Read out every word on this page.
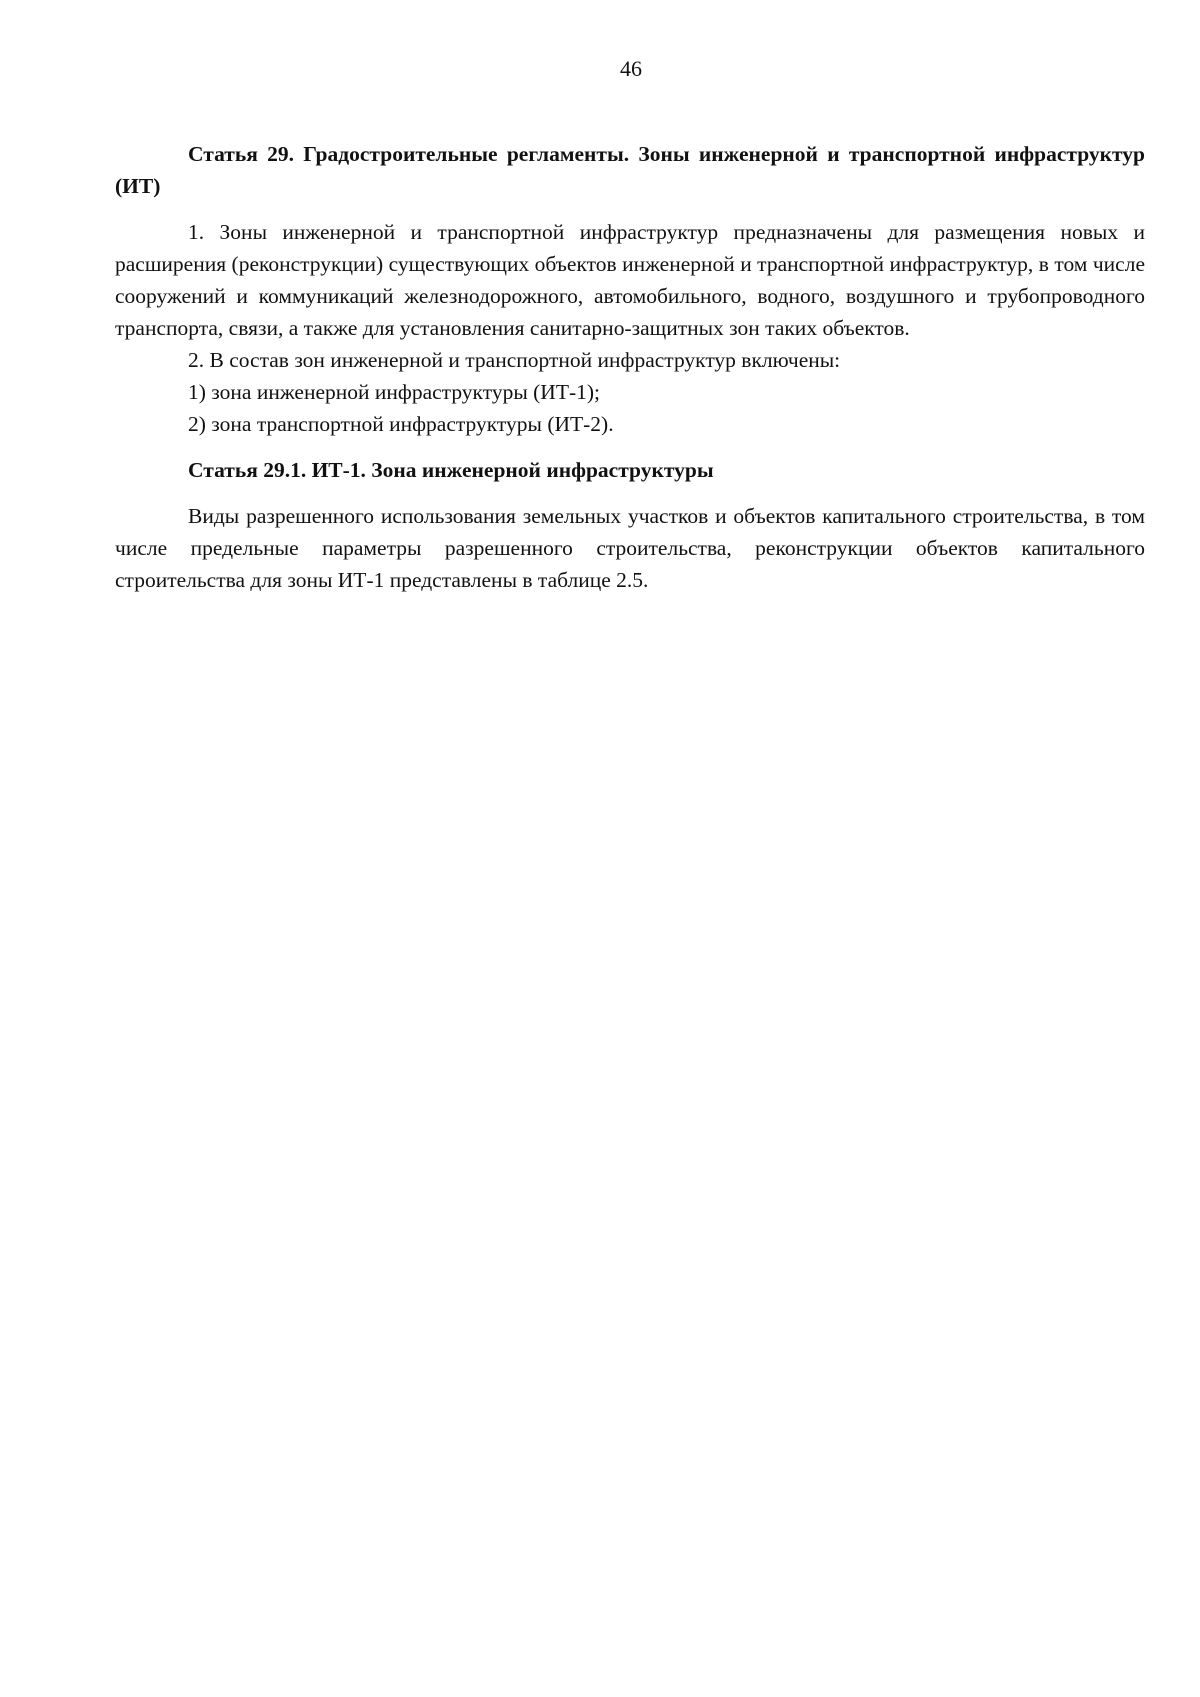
46

Статья 29. Градостроительные регламенты. Зоны инженерной и транспортной инфраструктур (ИТ)

1. Зоны инженерной и транспортной инфраструктур предназначены для размещения новых и расширения (реконструкции) существующих объектов инженерной и транспортной инфраструктур, в том числе сооружений и коммуникаций железнодорожного, автомобильного, водного, воздушного и трубопроводного транспорта, связи, а также для установления санитарно-защитных зон таких объектов.

2. В состав зон инженерной и транспортной инфраструктур включены:

1) зона инженерной инфраструктуры (ИТ-1);

2) зона транспортной инфраструктуры (ИТ-2).

Статья 29.1. ИТ-1. Зона инженерной инфраструктуры

Виды разрешенного использования земельных участков и объектов капитального строительства, в том числе предельные параметры разрешенного строительства, реконструкции объектов капитального строительства для зоны ИТ-1 представлены в таблице 2.5.
